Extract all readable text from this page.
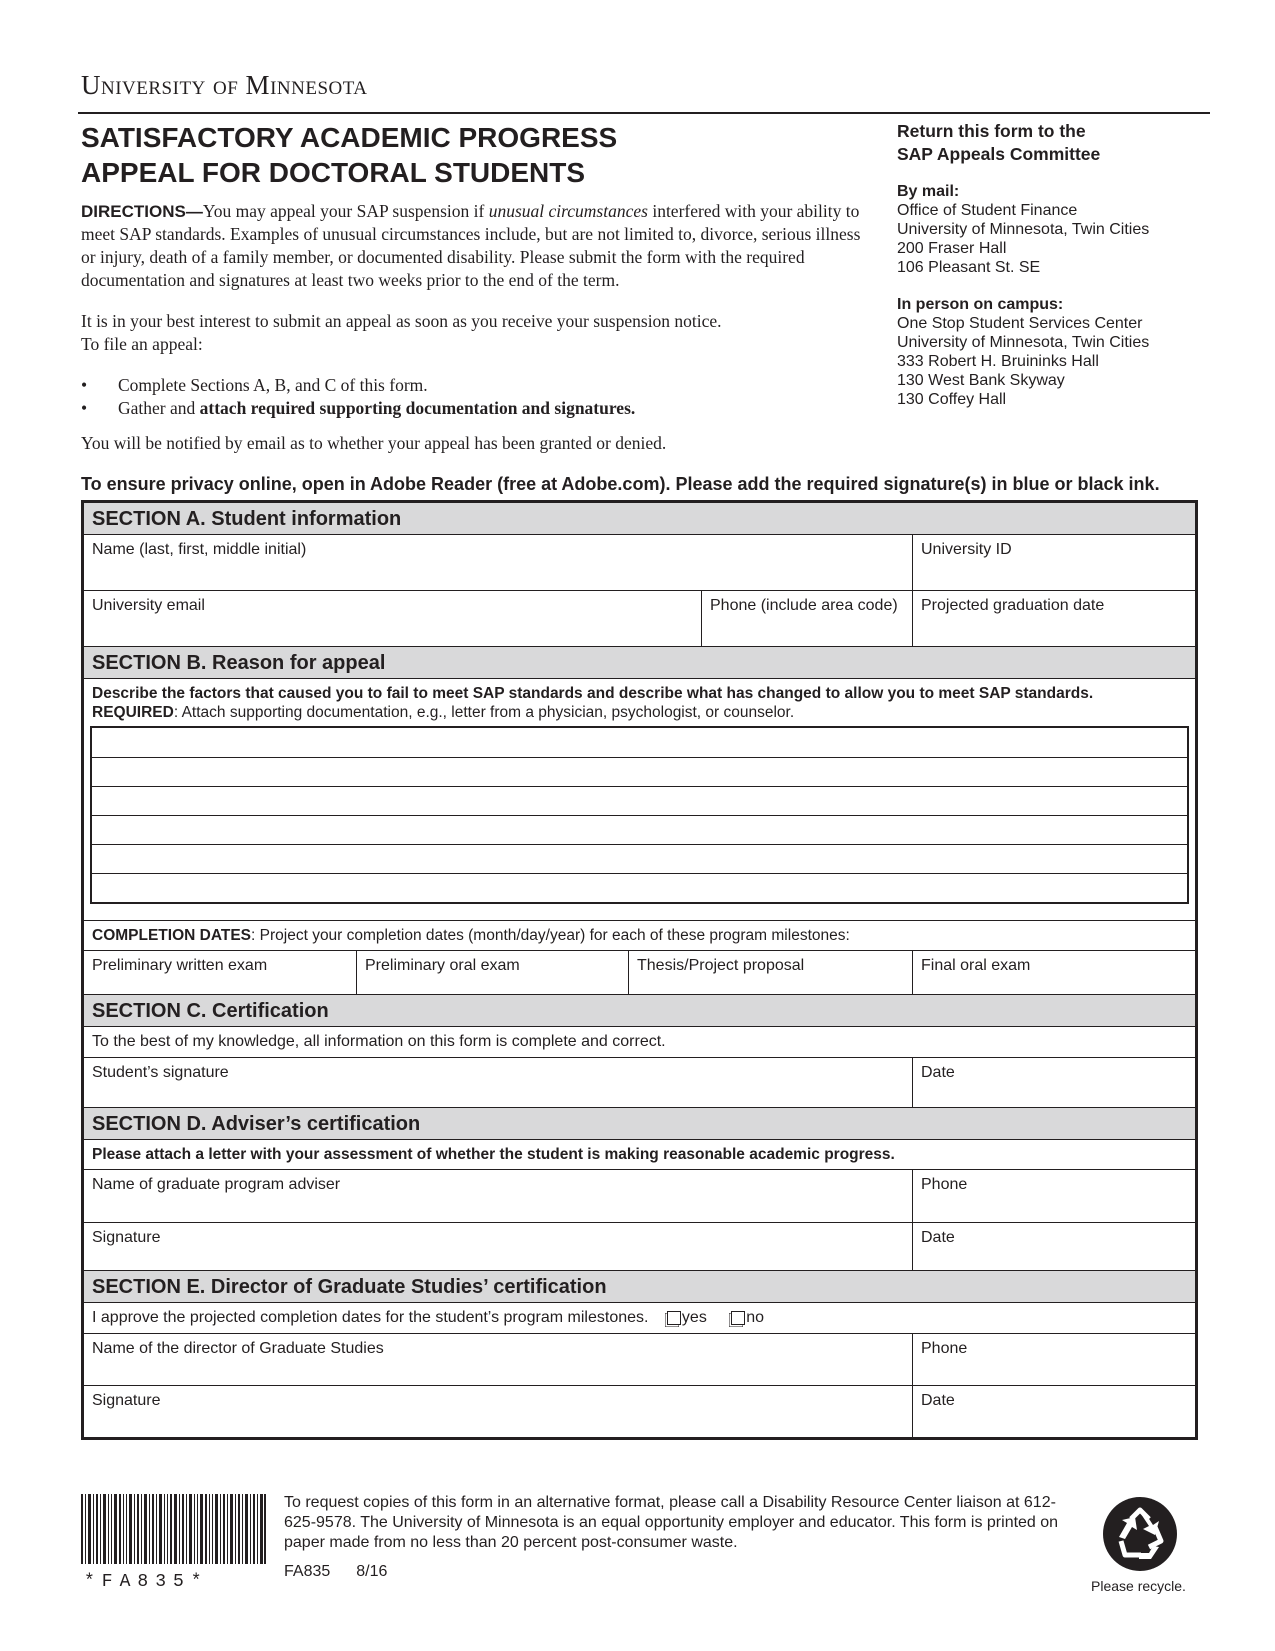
University of Minnesota
SATISFACTORY ACADEMIC PROGRESS
APPEAL FOR DOCTORAL STUDENTS

DIRECTIONS—You may appeal your SAP suspension if unusual circumstances interfered with your ability to meet SAP standards. Examples of unusual circumstances include, but are not limited to, divorce, serious illness or injury, death of a family member, or documented disability. Please submit the form with the required documentation and signatures at least two weeks prior to the end of the term.

It is in your best interest to submit an appeal as soon as you receive your suspension notice.
To file an appeal:

• Complete Sections A, B, and C of this form.
• Gather and attach required supporting documentation and signatures.

You will be notified by email as to whether your appeal has been granted or denied.

Return this form to the
SAP Appeals Committee
By mail:
Office of Student Finance
University of Minnesota, Twin Cities
200 Fraser Hall
106 Pleasant St. SE
In person on campus:
One Stop Student Services Center
University of Minnesota, Twin Cities
333 Robert H. Bruininks Hall
130 West Bank Skyway
130 Coffey Hall
To ensure privacy online, open in Adobe Reader (free at Adobe.com). Please add the required signature(s) in blue or black ink.
SECTION A. Student information
Name (last, first, middle initial)	University ID
University email	Phone (include area code)	Projected graduation date
SECTION B. Reason for appeal
Describe the factors that caused you to fail to meet SAP standards and describe what has changed to allow you to meet SAP standards.
REQUIRED: Attach supporting documentation, e.g., letter from a physician, psychologist, or counselor.
COMPLETION DATES: Project your completion dates (month/day/year) for each of these program milestones:
Preliminary written exam	Preliminary oral exam	Thesis/Project proposal	Final oral exam
SECTION C. Certification
To the best of my knowledge, all information on this form is complete and correct.
Student’s signature	Date
SECTION D. Adviser’s certification
Please attach a letter with your assessment of whether the student is making reasonable academic progress.
Name of graduate program adviser	Phone
Signature	Date
SECTION E. Director of Graduate Studies’ certification
I approve the projected completion dates for the student’s program milestones. yes no
Name of the director of Graduate Studies	Phone
Signature	Date
*FA835*
To request copies of this form in an alternative format, please call a Disability Resource Center liaison at 612-625-9578. The University of Minnesota is an equal opportunity employer and educator. This form is printed on paper made from no less than 20 percent post-consumer waste.
FA835 8/16
Please recycle.
